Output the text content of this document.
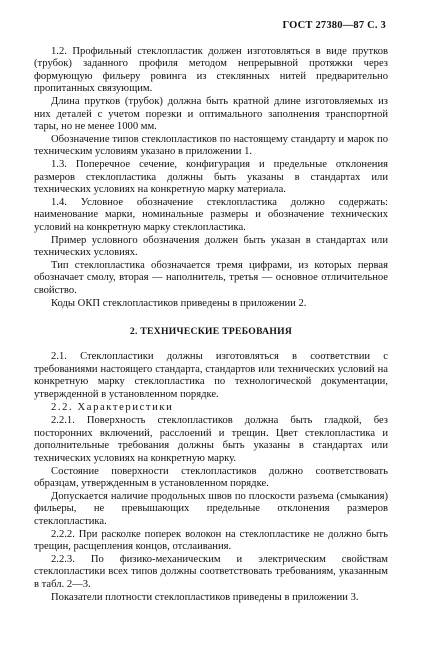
ГОСТ 27380—87 С. 3

1.2. Профильный стеклопластик должен изготовляться в виде прутков (трубок) заданного профиля методом непрерывной протяжки через формующую фильеру ровинга из стеклянных нитей предварительно пропитанных связующим.

Длина прутков (трубок) должна быть кратной длине изготовляемых из них деталей с учетом порезки и оптимального заполнения транспортной тары, но не менее 1000 мм.

Обозначение типов стеклопластиков по настоящему стандарту и марок по техническим условиям указано в приложении 1.

1.3. Поперечное сечение, конфигурация и предельные отклонения размеров стеклопластика должны быть указаны в стандартах или технических условиях на конкретную марку материала.

1.4. Условное обозначение стеклопластика должно содержать: наименование марки, номинальные размеры и обозначение технических условий на конкретную марку стеклопластика.

Пример условного обозначения должен быть указан в стандартах или технических условиях.

Тип стеклопластика обозначается тремя цифрами, из которых первая обозначает смолу, вторая — наполнитель, третья — основное отличительное свойство.

Коды ОКП стеклопластиков приведены в приложении 2.

2. ТЕХНИЧЕСКИЕ ТРЕБОВАНИЯ

2.1. Стеклопластики должны изготовляться в соответствии с требованиями настоящего стандарта, стандартов или технических условий на конкретную марку стеклопластика по технологической документации, утвержденной в установленном порядке.

2.2. Характеристики

2.2.1. Поверхность стеклопластиков должна быть гладкой, без посторонних включений, расслоений и трещин. Цвет стеклопластика и дополнительные требования должны быть указаны в стандартах или технических условиях на конкретную марку.

Состояние поверхности стеклопластиков должно соответствовать образцам, утвержденным в установленном порядке.

Допускается наличие продольных швов по плоскости разъема (смыкания) фильеры, не превышающих предельные отклонения размеров стеклопластика.

2.2.2. При расколке поперек волокон на стеклопластике не должно быть трещин, расщепления концов, отслаивания.

2.2.3. По физико-механическим и электрическим свойствам стеклопластики всех типов должны соответствовать требованиям, указанным в табл. 2—3.

Показатели плотности стеклопластиков приведены в приложении 3.
